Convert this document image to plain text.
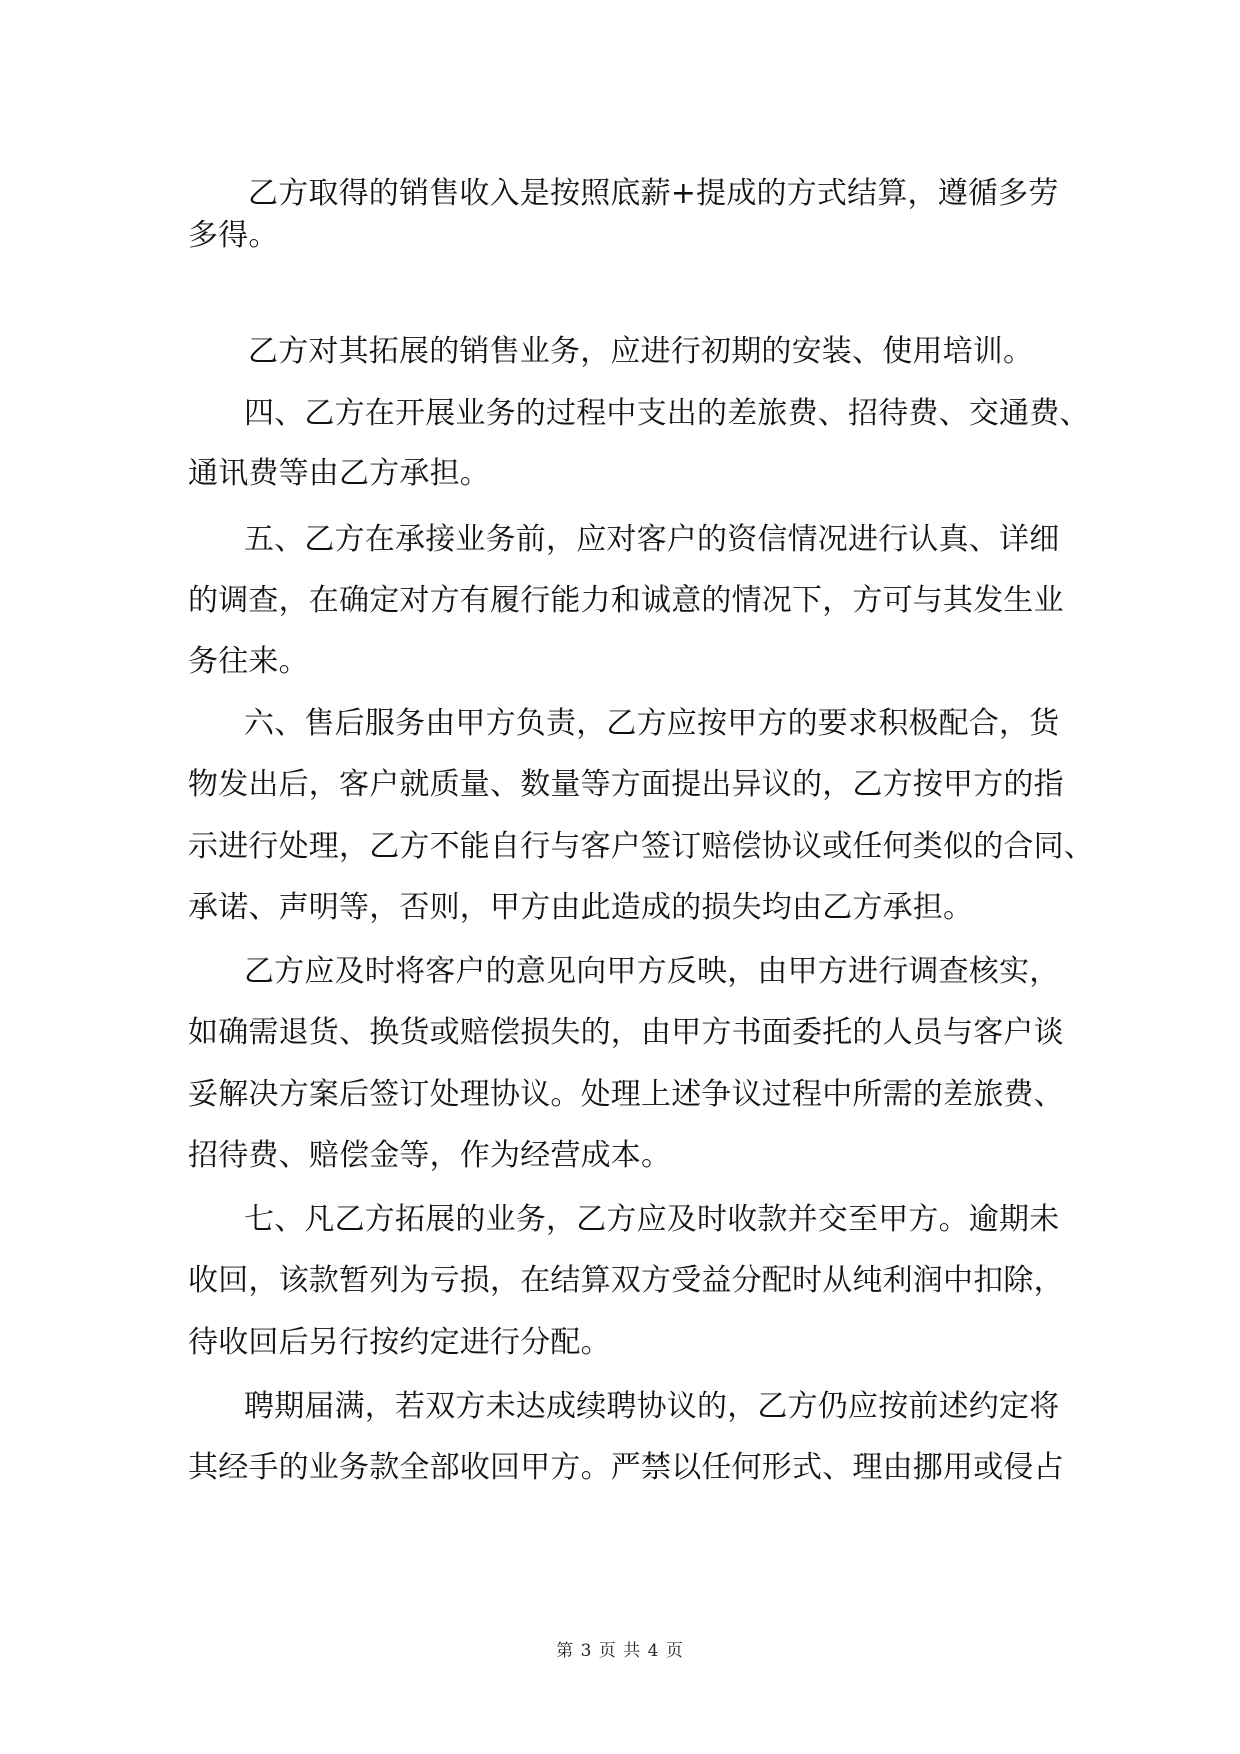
乙方取得的销售收入是按照底薪+提成的方式结算，遵循多劳
多得。
乙方对其拓展的销售业务，应进行初期的安装、使用培训。
四、乙方在开展业务的过程中支出的差旅费、招待费、交通费、
通讯费等由乙方承担。
五、乙方在承接业务前，应对客户的资信情况进行认真、详细
的调查，在确定对方有履行能力和诚意的情况下，方可与其发生业
务往来。
六、售后服务由甲方负责，乙方应按甲方的要求积极配合，货
物发出后，客户就质量、数量等方面提出异议的，乙方按甲方的指
示进行处理，乙方不能自行与客户签订赔偿协议或任何类似的合同、
承诺、声明等，否则，甲方由此造成的损失均由乙方承担。
乙方应及时将客户的意见向甲方反映，由甲方进行调查核实，
如确需退货、换货或赔偿损失的，由甲方书面委托的人员与客户谈
妥解决方案后签订处理协议。处理上述争议过程中所需的差旅费、
招待费、赔偿金等，作为经营成本。
七、凡乙方拓展的业务，乙方应及时收款并交至甲方。逾期未
收回，该款暂列为亏损，在结算双方受益分配时从纯利润中扣除，
待收回后另行按约定进行分配。
聘期届满，若双方未达成续聘协议的，乙方仍应按前述约定将
其经手的业务款全部收回甲方。严禁以任何形式、理由挪用或侵占
第 3 页 共 4 页
